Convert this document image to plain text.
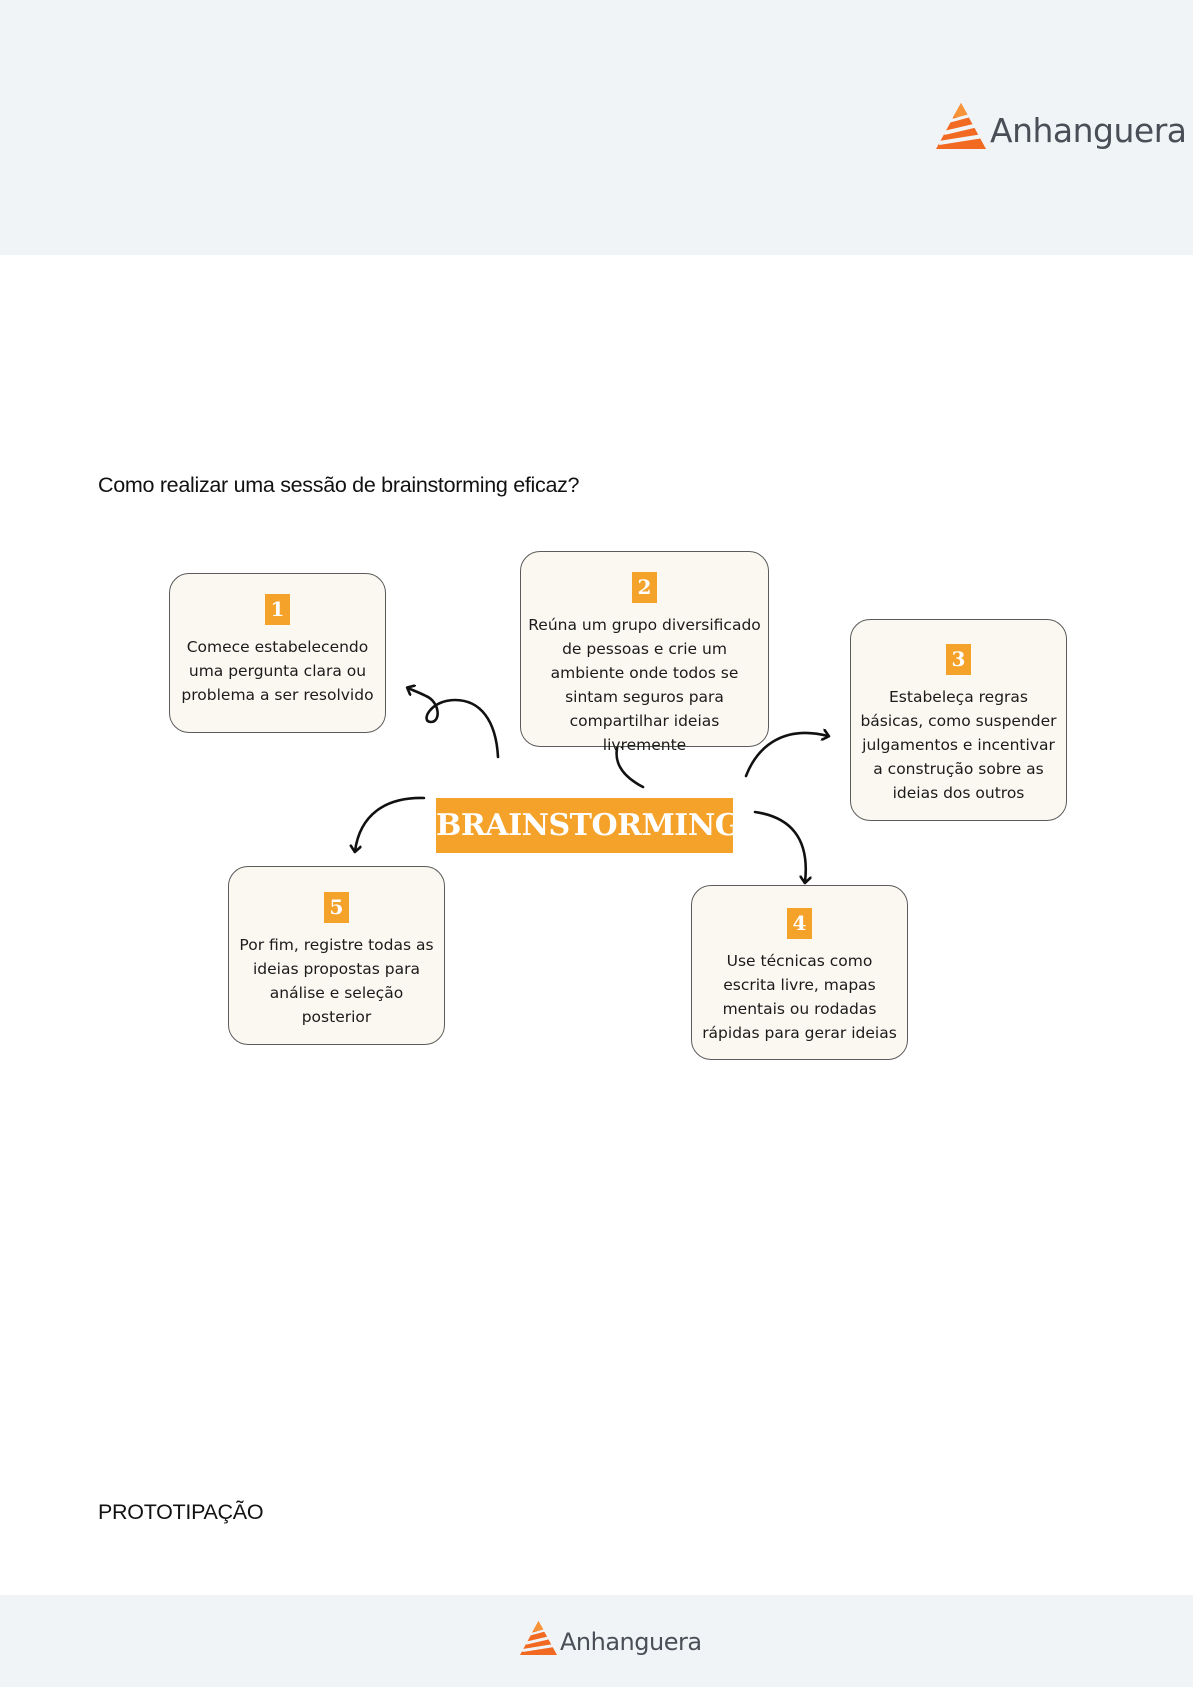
Anhanguera
Como realizar uma sessão de brainstorming eficaz?
1
Comece estabelecendo uma pergunta clara ou problema a ser resolvido
2
Reúna um grupo diversificado de pessoas e crie um ambiente onde todos se sintam seguros para compartilhar ideias livremente
3
Estabeleça regras básicas, como suspender julgamentos e incentivar a construção sobre as ideias dos outros
4
Use técnicas como escrita livre, mapas mentais ou rodadas rápidas para gerar ideias
5
Por fim, registre todas as ideias propostas para análise e seleção posterior
BRAINSTORMING
PROTOTIPAÇÃO
Anhanguera
